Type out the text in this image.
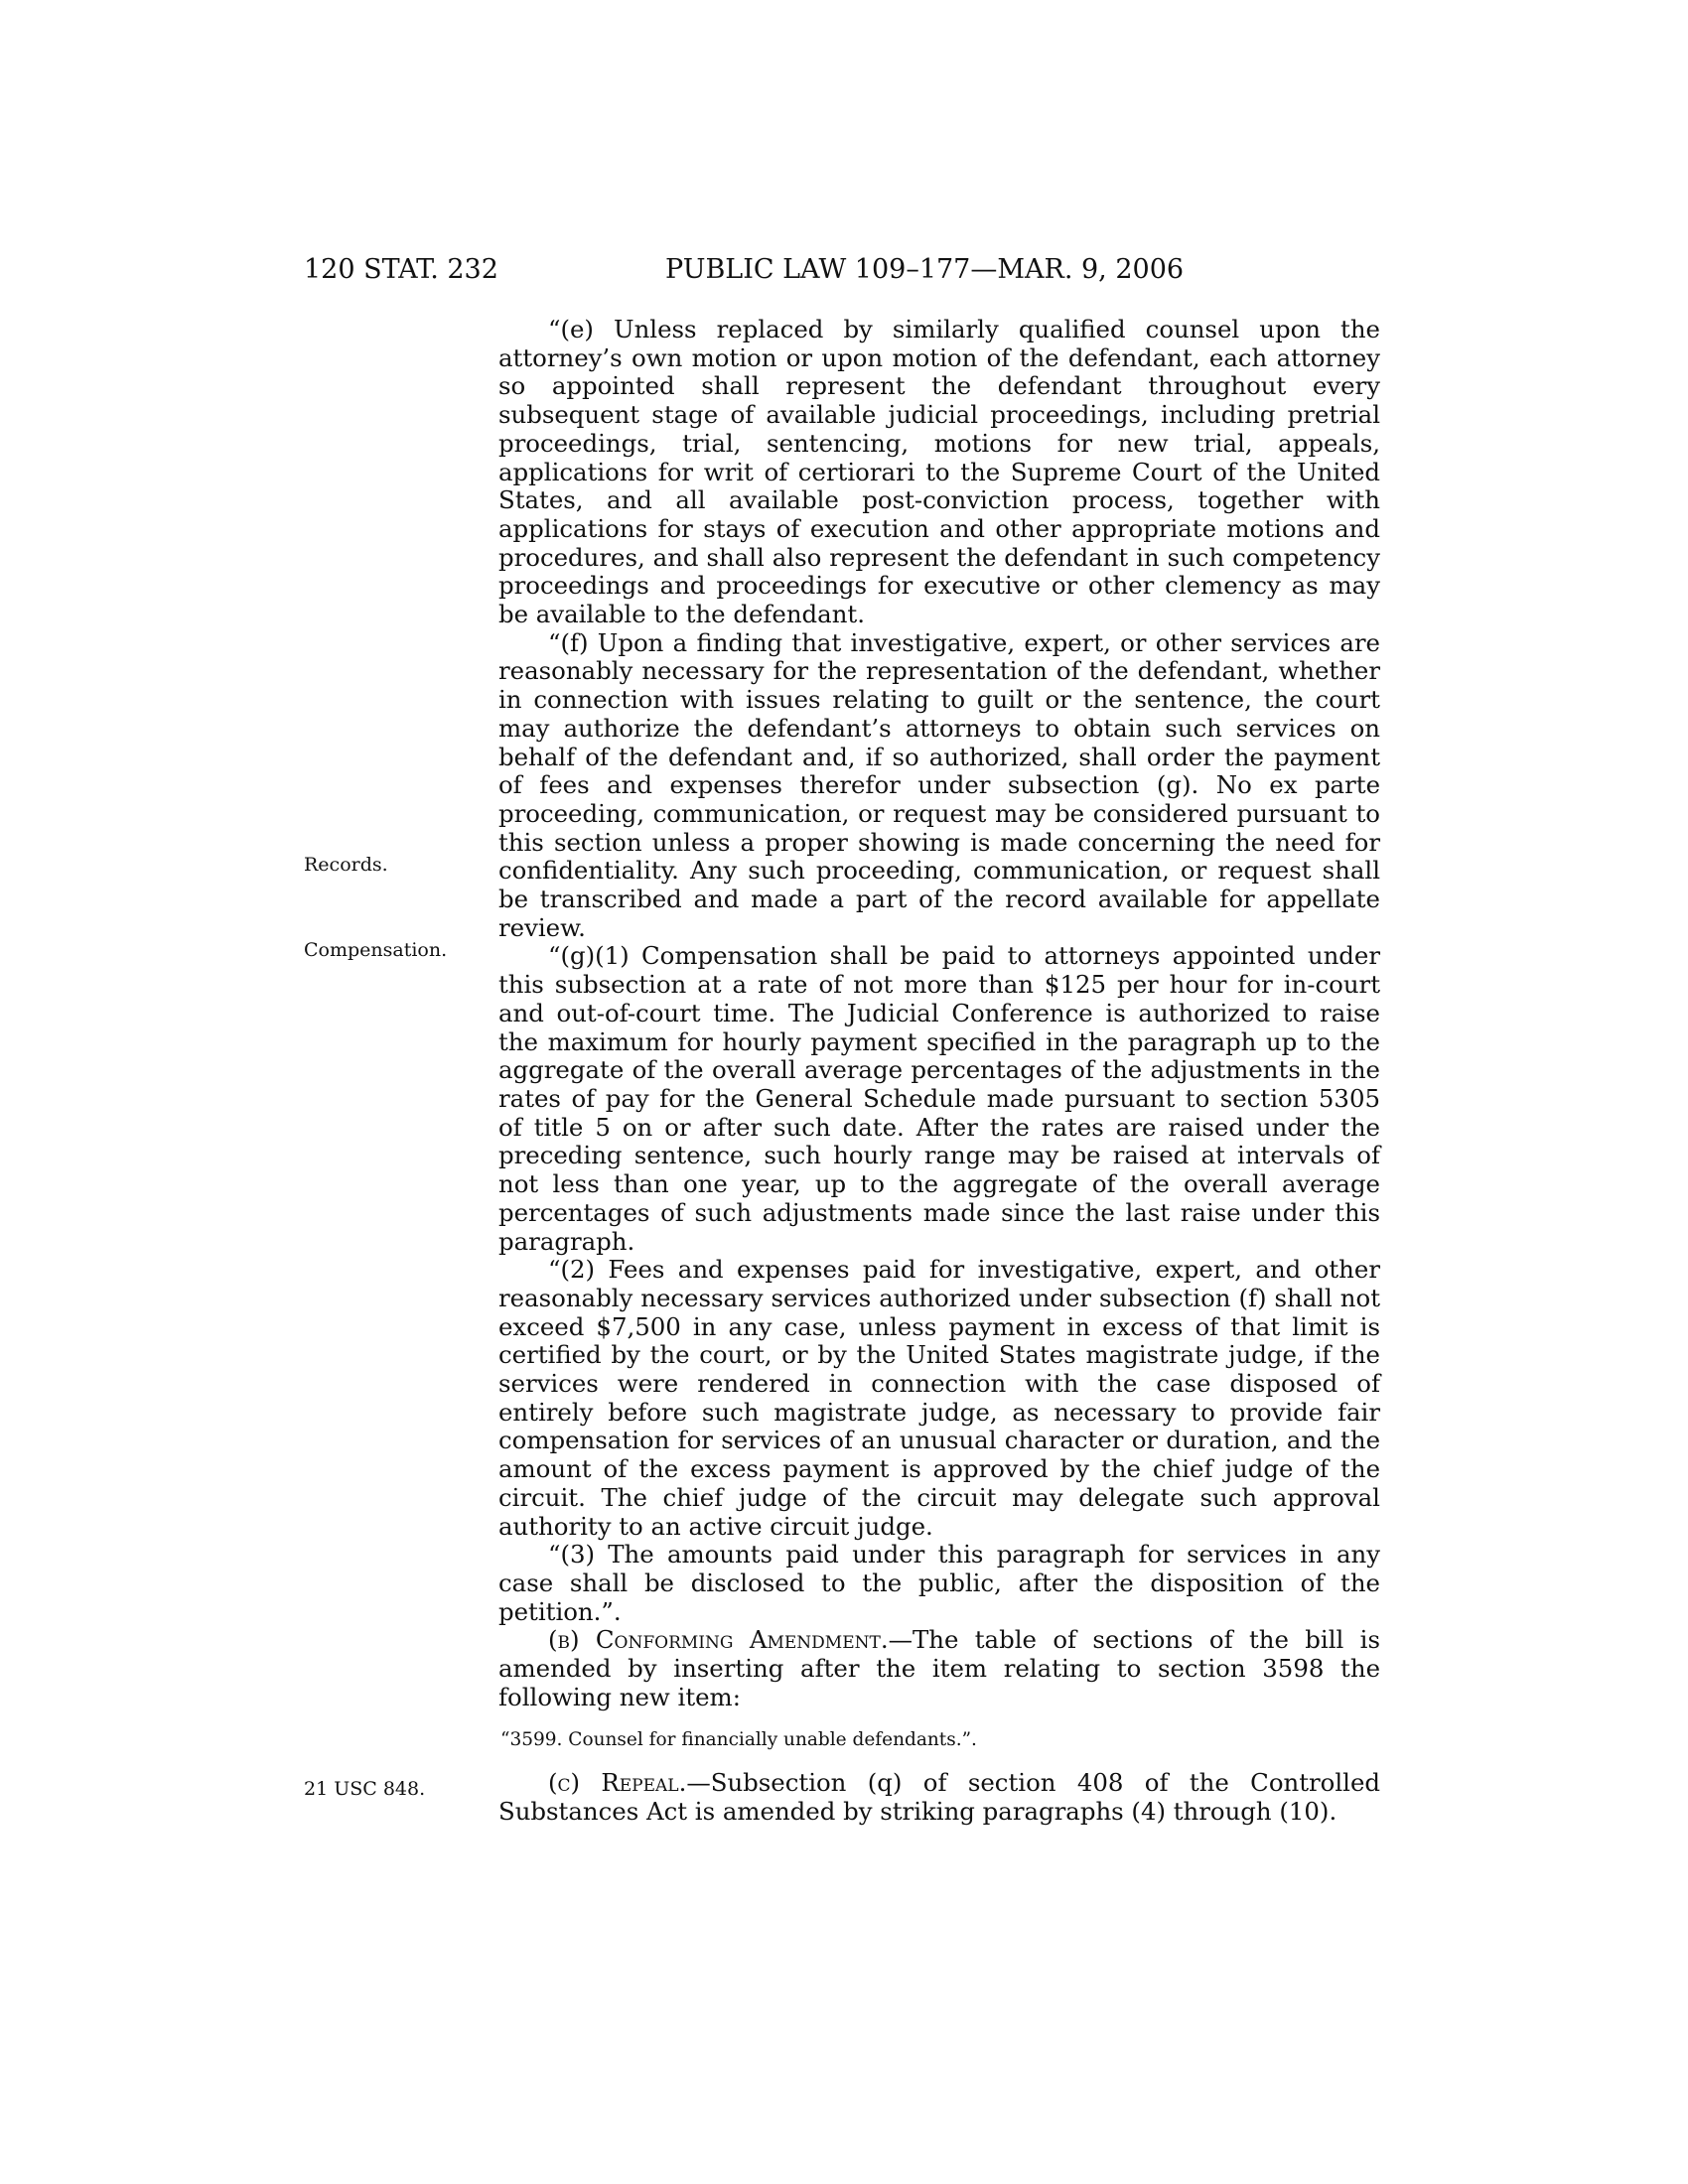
120 STAT. 232	PUBLIC LAW 109–177—MAR. 9, 2006
Records.
Compensation.
21 USC 848.

“(e) Unless replaced by similarly qualified counsel upon the attorney’s own motion or upon motion of the defendant, each attorney so appointed shall represent the defendant throughout every subsequent stage of available judicial proceedings, including pretrial proceedings, trial, sentencing, motions for new trial, appeals, applications for writ of certiorari to the Supreme Court of the United States, and all available post-conviction process, together with applications for stays of execution and other appropriate motions and procedures, and shall also represent the defendant in such competency proceedings and proceedings for executive or other clemency as may be available to the defendant.

“(f) Upon a finding that investigative, expert, or other services are reasonably necessary for the representation of the defendant, whether in connection with issues relating to guilt or the sentence, the court may authorize the defendant’s attorneys to obtain such services on behalf of the defendant and, if so authorized, shall order the payment of fees and expenses therefor under subsection (g). No ex parte proceeding, communication, or request may be considered pursuant to this section unless a proper showing is made concerning the need for confidentiality. Any such proceeding, communication, or request shall be transcribed and made a part of the record available for appellate review.

“(g)(1) Compensation shall be paid to attorneys appointed under this subsection at a rate of not more than $125 per hour for in-court and out-of-court time. The Judicial Conference is authorized to raise the maximum for hourly payment specified in the paragraph up to the aggregate of the overall average percentages of the adjustments in the rates of pay for the General Schedule made pursuant to section 5305 of title 5 on or after such date. After the rates are raised under the preceding sentence, such hourly range may be raised at intervals of not less than one year, up to the aggregate of the overall average percentages of such adjustments made since the last raise under this paragraph.

“(2) Fees and expenses paid for investigative, expert, and other reasonably necessary services authorized under subsection (f) shall not exceed $7,500 in any case, unless payment in excess of that limit is certified by the court, or by the United States magistrate judge, if the services were rendered in connection with the case disposed of entirely before such magistrate judge, as necessary to provide fair compensation for services of an unusual character or duration, and the amount of the excess payment is approved by the chief judge of the circuit. The chief judge of the circuit may delegate such approval authority to an active circuit judge.

“(3) The amounts paid under this paragraph for services in any case shall be disclosed to the public, after the disposition of the petition.”.

(b) Conforming Amendment.—The table of sections of the bill is amended by inserting after the item relating to section 3598 the following new item:

“3599. Counsel for financially unable defendants.”.

(c) Repeal.—Subsection (q) of section 408 of the Controlled Substances Act is amended by striking paragraphs (4) through (10).
